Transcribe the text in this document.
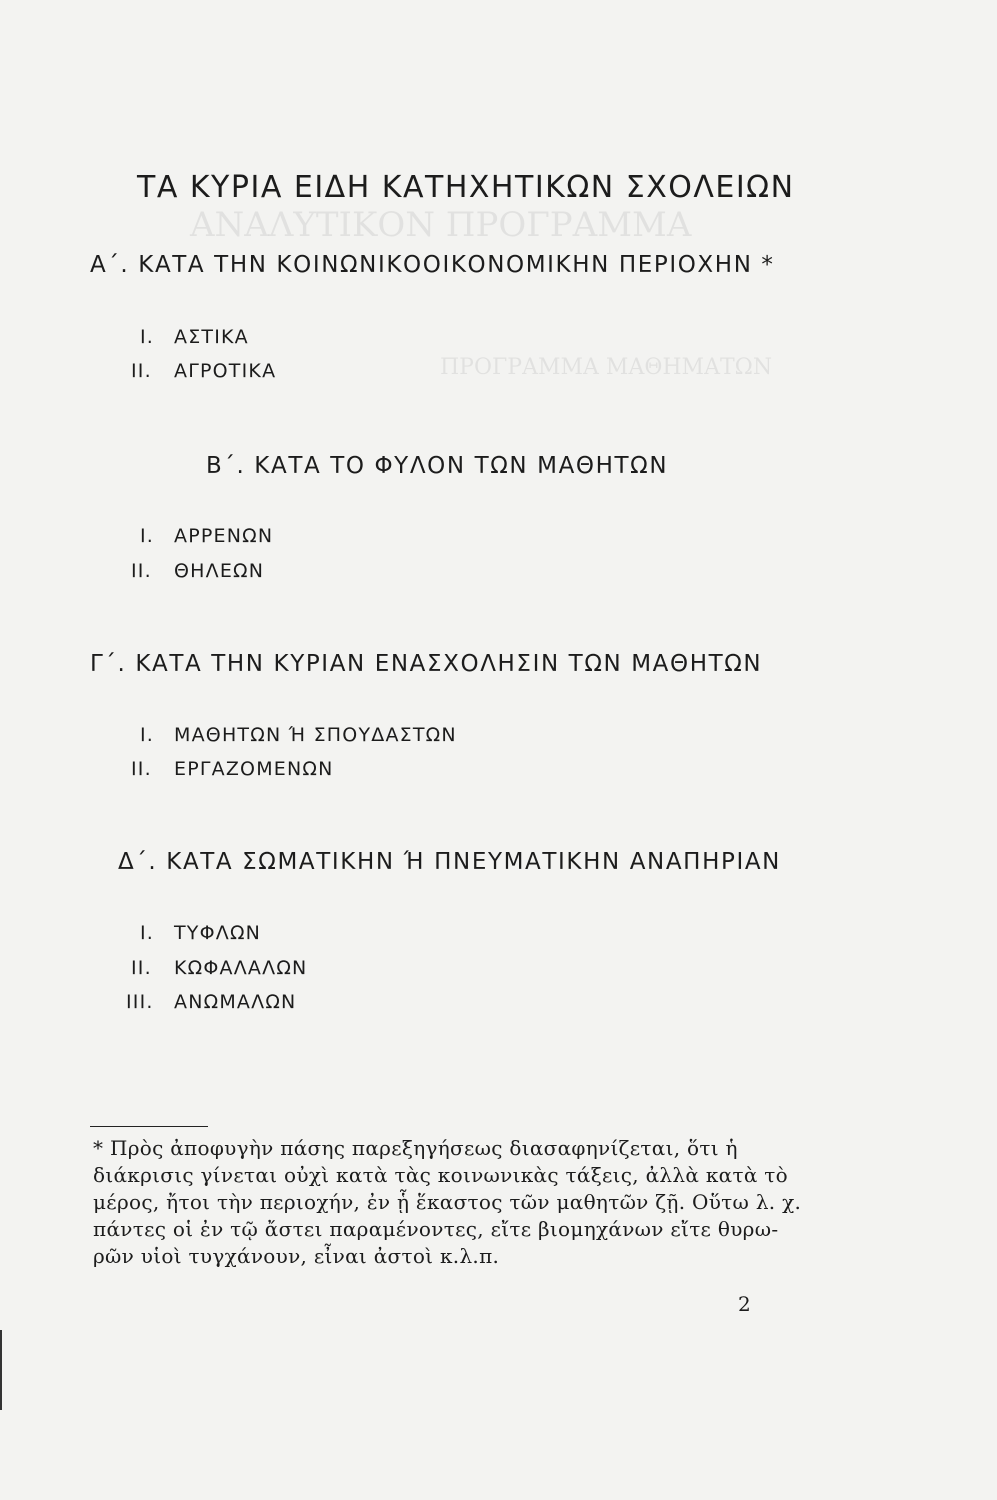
ΑΝΑΛΥΤΙΚΟΝ ΠΡΟΓΡΑΜΜΑ
ΠΡΟΓΡΑΜΜΑ ΜΑΘΗΜΑΤΩΝ
ΤΑ ΚΥΡΙΑ ΕΙΔΗ ΚΑΤΗΧΗΤΙΚΩΝ ΣΧΟΛΕΙΩΝ
Α΄. ΚΑΤΑ ΤΗΝ ΚΟΙΝΩΝΙΚΟΟΙΚΟΝΟΜΙΚΗΝ ΠΕΡΙΟΧΗΝ *
Ι. ΑΣΤΙΚΑ
ΙΙ. ΑΓΡΟΤΙΚΑ
Β΄. ΚΑΤΑ ΤΟ ΦΥΛΟΝ ΤΩΝ ΜΑΘΗΤΩΝ
Ι. ΑΡΡΕΝΩΝ
ΙΙ. ΘΗΛΕΩΝ
Γ΄. ΚΑΤΑ ΤΗΝ ΚΥΡΙΑΝ ΕΝΑΣΧΟΛΗΣΙΝ ΤΩΝ ΜΑΘΗΤΩΝ
Ι. ΜΑΘΗΤΩΝ Ή ΣΠΟΥΔΑΣΤΩΝ
ΙΙ. ΕΡΓΑΖΟΜΕΝΩΝ
Δ΄. ΚΑΤΑ ΣΩΜΑΤΙΚΗΝ Ή ΠΝΕΥΜΑΤΙΚΗΝ ΑΝΑΠΗΡΙΑΝ
Ι. ΤΥΦΛΩΝ
ΙΙ. ΚΩΦΑΛΑΛΩΝ
ΙΙΙ. ΑΝΩΜΑΛΩΝ
* Πρὸς ἀποφυγὴν πάσης παρεξηγήσεως διασαφηνίζεται, ὅτι ἡ
διάκρισις γίνεται οὐχὶ κατὰ τὰς κοινωνικὰς τάξεις, ἀλλὰ κατὰ τὸ
μέρος, ἤτοι τὴν περιοχήν, ἐν ᾗ ἕκαστος τῶν μαθητῶν ζῇ. Οὕτω λ. χ.
πάντες οἱ ἐν τῷ ἄστει παραμένοντες, εἴτε βιομηχάνων εἴτε θυρω-
ρῶν υἱοὶ τυγχάνουν, εἶναι ἀστοὶ κ.λ.π.
2
